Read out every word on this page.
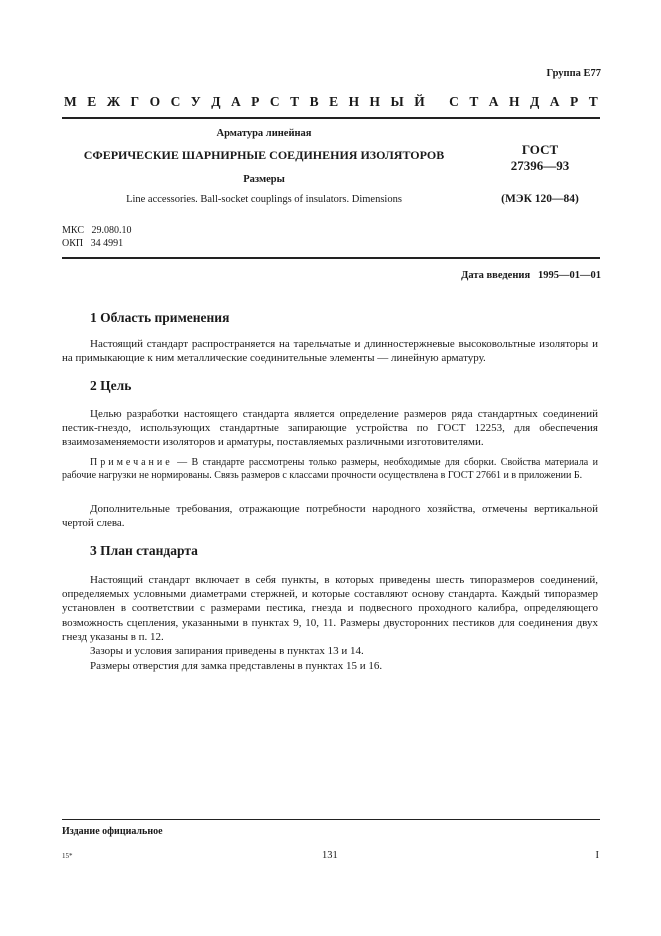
Группа Е77
М Е Ж Г О С У Д А Р С Т В Е Н Н Ы Й
С Т А Н Д А Р Т
Арматура линейная
СФЕРИЧЕСКИЕ ШАРНИРНЫЕ СОЕДИНЕНИЯ ИЗОЛЯТОРОВ
Размеры
Line accessories. Ball-socket couplings of insulators. Dimensions
ГОСТ
27396—93
(МЭК 120—84)
МКС   29.080.10
ОКП   34 4991
Дата введения   1995—01—01
1 Область применения
Настоящий стандарт распространяется на тарельчатые и длинностержневые высоковольтные изоляторы и на примыкающие к ним металлические соединительные элементы — линейную арматуру.
2 Цель
Целью разработки настоящего стандарта является определение размеров ряда стандартных соединений пестик-гнездо, использующих стандартные запирающие устройства по ГОСТ 12253, для обеспечения взаимозаменяемости изоляторов и арматуры, поставляемых различными изготовителями.
Примечание — В стандарте рассмотрены только размеры, необходимые для сборки. Свойства материала и рабочие нагрузки не нормированы. Связь размеров с классами прочности осуществлена в ГОСТ 27661 и в приложении Б.
Дополнительные требования, отражающие потребности народного хозяйства, отмечены вертикальной чертой слева.
3 План стандарта
Настоящий стандарт включает в себя пункты, в которых приведены шесть типоразмеров соединений, определяемых условными диаметрами стержней, и которые составляют основу стандарта. Каждый типоразмер установлен в соответствии с размерами пестика, гнезда и подвесного проходного калибра, определяющего возможность сцепления, указанными в пунктах 9, 10, 11. Размеры двусторонних пестиков для соединения двух гнезд указаны в п. 12.
Зазоры и условия запирания приведены в пунктах 13 и 14.
Размеры отверстия для замка представлены в пунктах 15 и 16.
Издание официальное
15*	131	I
